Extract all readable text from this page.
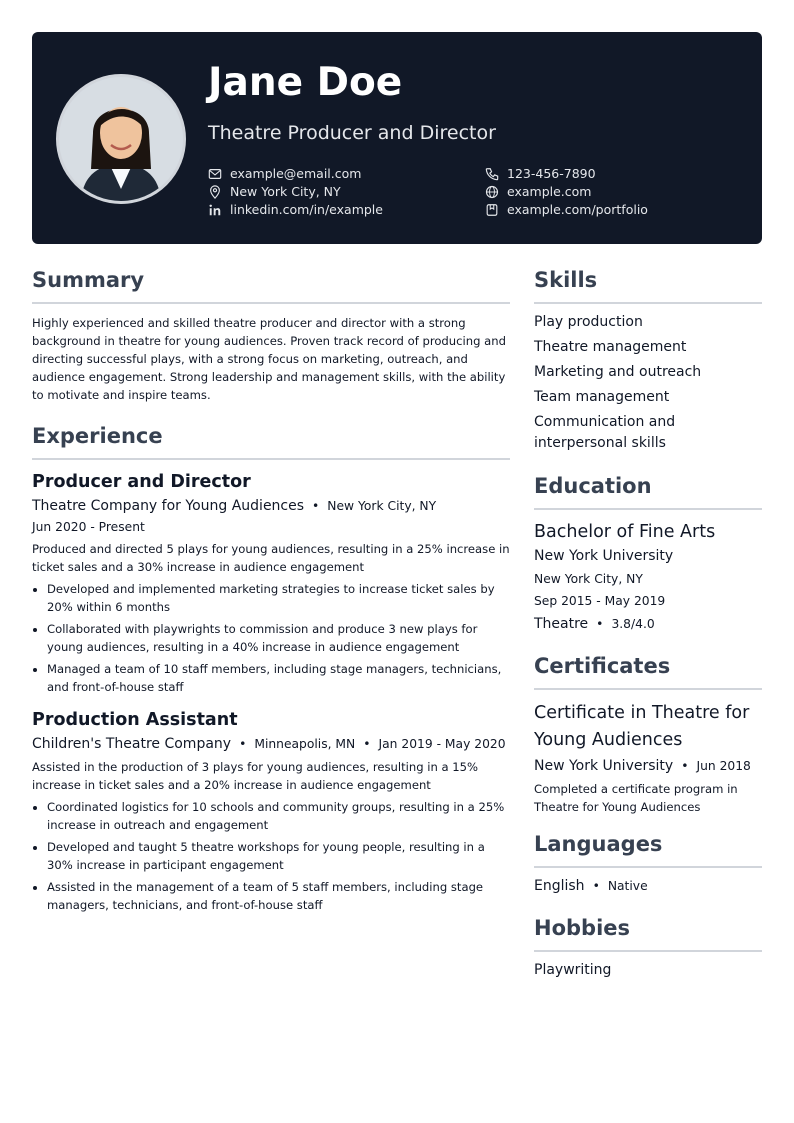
Jane Doe
Theatre Producer and Director
example@email.com	123-456-7890
New York City, NY	example.com
linkedin.com/in/example	example.com/portfolio
Summary

Highly experienced and skilled theatre producer and director with a strong background in theatre for young audiences. Proven track record of producing and directing successful plays, with a strong focus on marketing, outreach, and audience engagement. Strong leadership and management skills, with the ability to motivate and inspire teams.

Experience
Producer and Director
Theatre Company for Young Audiences • New York City, NY
Jun 2020 - Present

Produced and directed 5 plays for young audiences, resulting in a 25% increase in ticket sales and a 30% increase in audience engagement

• Developed and implemented marketing strategies to increase ticket sales by 20% within 6 months
• Collaborated with playwrights to commission and produce 3 new plays for young audiences, resulting in a 40% increase in audience engagement
• Managed a team of 10 staff members, including stage managers, technicians, and front-of-house staff
Production Assistant
Children's Theatre Company • Minneapolis, MN • Jan 2019 - May 2020

Assisted in the production of 3 plays for young audiences, resulting in a 15% increase in ticket sales and a 20% increase in audience engagement

• Coordinated logistics for 10 schools and community groups, resulting in a 25% increase in outreach and engagement
• Developed and taught 5 theatre workshops for young people, resulting in a 30% increase in participant engagement
• Assisted in the management of a team of 5 staff members, including stage managers, technicians, and front-of-house staff
Skills
Play production
Theatre management
Marketing and outreach
Team management
Communication and interpersonal skills
Education
Bachelor of Fine Arts
New York University
New York City, NY
Sep 2015 - May 2019
Theatre • 3.8/4.0
Certificates
Certificate in Theatre for Young Audiences
New York University • Jun 2018

Completed a certificate program in Theatre for Young Audiences

Languages
English • Native
Hobbies
Playwriting
